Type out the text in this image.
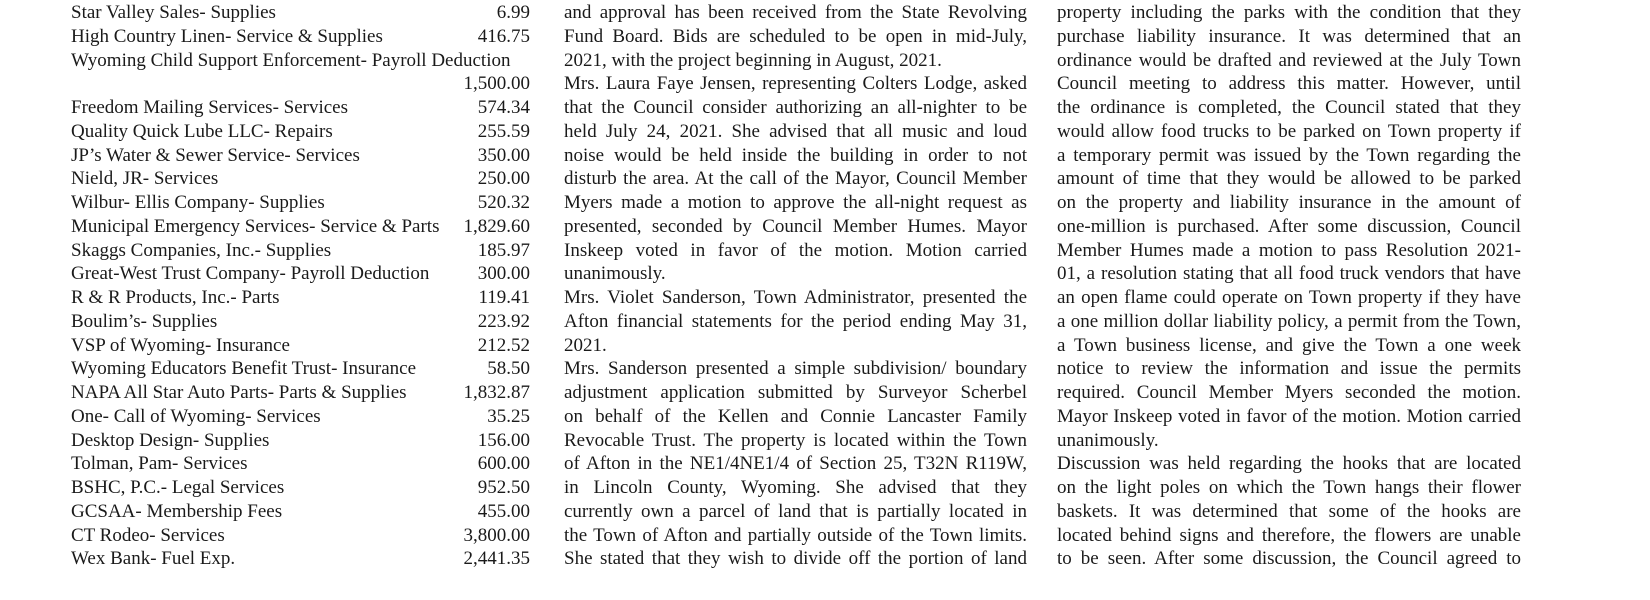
Star Valley Sales- Supplies	6.99
High Country Linen- Service & Supplies	416.75
Wyoming Child Support Enforcement- Payroll Deduction
1,500.00
Freedom Mailing Services- Services	574.34
Quality Quick Lube LLC- Repairs	255.59
JP’s Water & Sewer Service- Services	350.00
Nield, JR- Services	250.00
Wilbur- Ellis Company- Supplies	520.32
Municipal Emergency Services- Service & Parts 1,829.60
Skaggs Companies, Inc.- Supplies	185.97
Great-West Trust Company- Payroll Deduction	300.00
R & R Products, Inc.- Parts	119.41
Boulim’s- Supplies	223.92
VSP of Wyoming- Insurance	212.52
Wyoming Educators Benefit Trust- Insurance	58.50
NAPA All Star Auto Parts- Parts & Supplies	1,832.87
One- Call of Wyoming- Services	35.25
Desktop Design- Supplies	156.00
Tolman, Pam- Services	600.00
BSHC, P.C.- Legal Services	952.50
GCSAA- Membership Fees	455.00
CT Rodeo- Services	3,800.00
Wex Bank- Fuel Exp.	2,441.35
and approval has been received from the State Revolving
Fund Board. Bids are scheduled to be open in mid-July,
2021, with the project beginning in August, 2021.
Mrs. Laura Faye Jensen, representing Colters Lodge, asked
that the Council consider authorizing an all-nighter to be
held July 24, 2021. She advised that all music and loud
noise would be held inside the building in order to not
disturb the area. At the call of the Mayor, Council Member
Myers made a motion to approve the all-night request as
presented, seconded by Council Member Humes. Mayor
Inskeep voted in favor of the motion. Motion carried
unanimously.
Mrs. Violet Sanderson, Town Administrator, presented the
Afton financial statements for the period ending May 31,
2021.
Mrs. Sanderson presented a simple subdivision/ boundary
adjustment application submitted by Surveyor Scherbel
on behalf of the Kellen and Connie Lancaster Family
Revocable Trust. The property is located within the Town
of Afton in the NE1/4NE1/4 of Section 25, T32N R119W,
in Lincoln County, Wyoming. She advised that they
currently own a parcel of land that is partially located in
the Town of Afton and partially outside of the Town limits.
She stated that they wish to divide off the portion of land
property including the parks with the condition that they
purchase liability insurance. It was determined that an
ordinance would be drafted and reviewed at the July Town
Council meeting to address this matter. However, until
the ordinance is completed, the Council stated that they
would allow food trucks to be parked on Town property if
a temporary permit was issued by the Town regarding the
amount of time that they would be allowed to be parked
on the property and liability insurance in the amount of
one-million is purchased. After some discussion, Council
Member Humes made a motion to pass Resolution 2021-
01, a resolution stating that all food truck vendors that have
an open flame could operate on Town property if they have
a one million dollar liability policy, a permit from the Town,
a Town business license, and give the Town a one week
notice to review the information and issue the permits
required. Council Member Myers seconded the motion.
Mayor Inskeep voted in favor of the motion. Motion carried
unanimously.
Discussion was held regarding the hooks that are located
on the light poles on which the Town hangs their flower
baskets. It was determined that some of the hooks are
located behind signs and therefore, the flowers are unable
to be seen. After some discussion, the Council agreed to
